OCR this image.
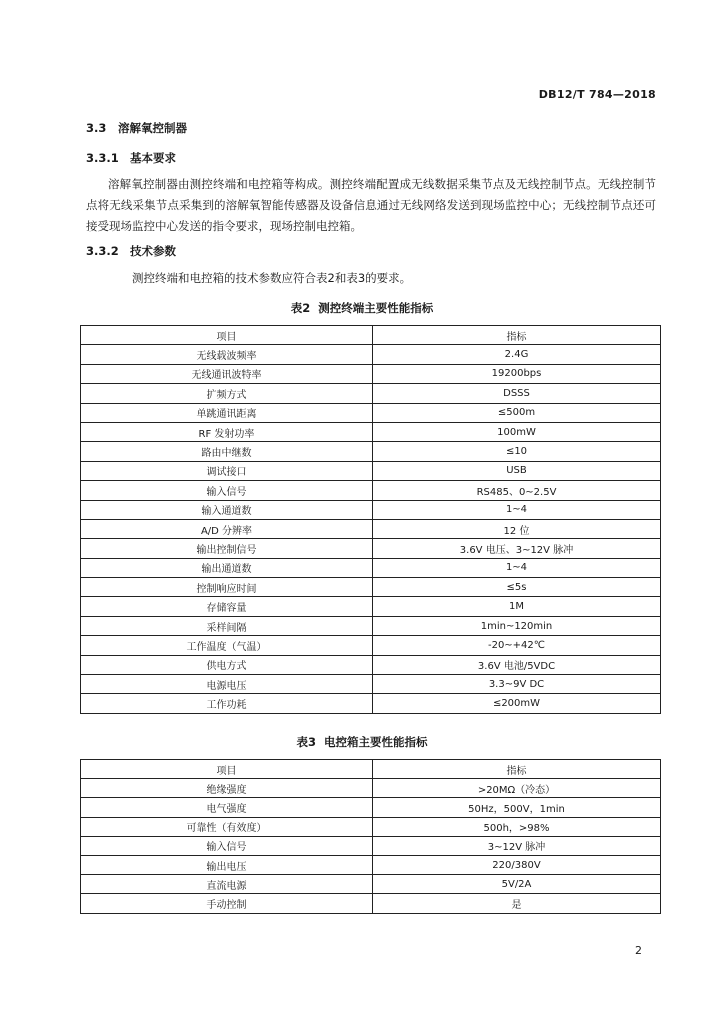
DB12/T 784—2018
3.3 溶解氧控制器
3.3.1 基本要求
溶解氧控制器由测控终端和电控箱等构成。测控终端配置成无线数据采集节点及无线控制节点。无线控制节点将无线采集节点采集到的溶解氧智能传感器及设备信息通过无线网络发送到现场监控中心；无线控制节点还可接受现场监控中心发送的指令要求，现场控制电控箱。
3.3.2 技术参数
测控终端和电控箱的技术参数应符合表2和表3的要求。
表2 测控终端主要性能指标
项目	指标
无线载波频率	2.4G
无线通讯波特率	19200bps
扩频方式	DSSS
单跳通讯距离	≤500m
RF 发射功率	100mW
路由中继数	≤10
调试接口	USB
输入信号	RS485、0~2.5V
输入通道数	1~4
A/D 分辨率	12 位
输出控制信号	3.6V 电压、3~12V 脉冲
输出通道数	1~4
控制响应时间	≤5s
存储容量	1M
采样间隔	1min~120min
工作温度（气温）	-20~+42℃
供电方式	3.6V 电池/5VDC
电源电压	3.3~9V DC
工作功耗	≤200mW
表3 电控箱主要性能指标
项目	指标
绝缘强度	>20MΩ（冷态）
电气强度	50Hz，500V，1min
可靠性（有效度）	500h，>98%
输入信号	3~12V 脉冲
输出电压	220/380V
直流电源	5V/2A
手动控制	是
2
